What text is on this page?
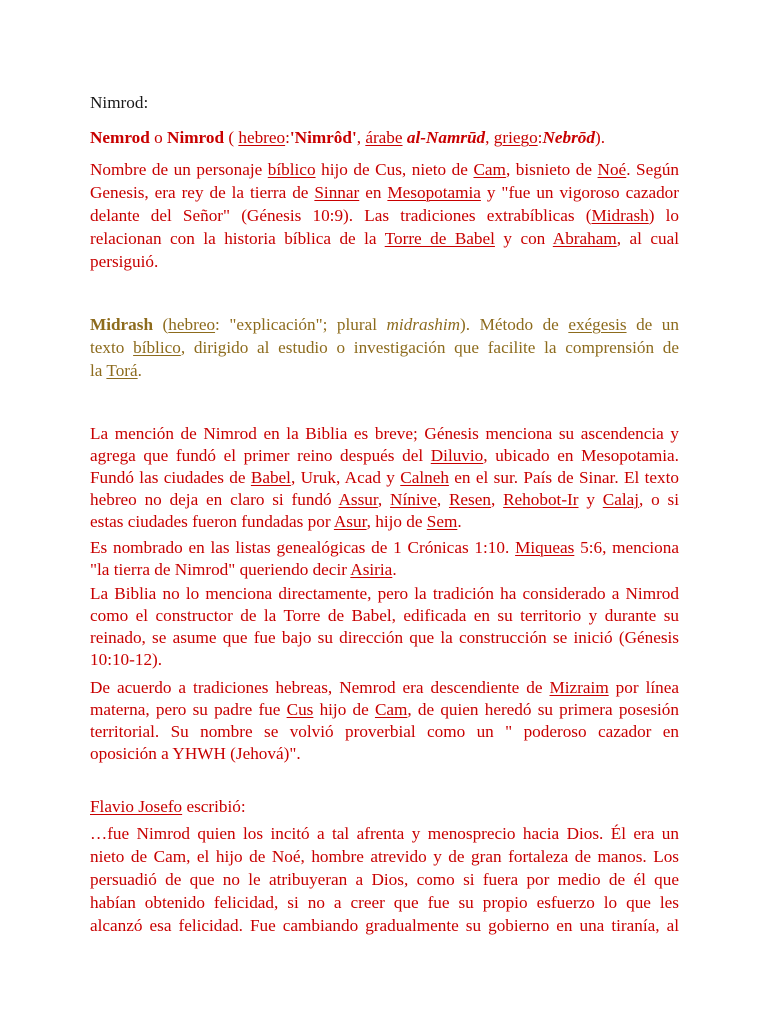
Nimrod:
Nemrod o Nimrod ( hebreo:'Nimrôd', árabe al-Namrūd, griego:Nebrōd).
Nombre de un personaje bíblico hijo de Cus, nieto de Cam, bisnieto de Noé. Según
Genesis, era rey de la tierra de Sinnar en Mesopotamia y "fue un vigoroso cazador
delante del Señor" (Génesis 10:9). Las tradiciones extrabíblicas (Midrash) lo
relacionan con la historia bíblica de la Torre de Babel y con Abraham, al cual
persiguió.
Midrash (hebreo: "explicación"; plural midrashim). Método de exégesis de un
texto bíblico, dirigido al estudio o investigación que facilite la comprensión de
la Torá.
La mención de Nimrod en la Biblia es breve; Génesis menciona su ascendencia y
agrega que fundó el primer reino después del Diluvio, ubicado en Mesopotamia.
Fundó las ciudades de Babel, Uruk, Acad y Calneh en el sur. País de Sinar. El texto
hebreo no deja en claro si fundó Assur, Nínive, Resen, Rehobot-Ir y Calaj, o si
estas ciudades fueron fundadas por Asur, hijo de Sem.
Es nombrado en las listas genealógicas de 1 Crónicas 1:10. Miqueas 5:6, menciona
"la tierra de Nimrod" queriendo decir Asiria.
La Biblia no lo menciona directamente, pero la tradición ha considerado a Nimrod
como el constructor de la Torre de Babel, edificada en su territorio y durante su
reinado, se asume que fue bajo su dirección que la construcción se inició (Génesis
10:10-12).
De acuerdo a tradiciones hebreas, Nemrod era descendiente de Mizraim por línea
materna, pero su padre fue Cus hijo de Cam, de quien heredó su primera posesión
territorial. Su nombre se volvió proverbial como un " poderoso cazador en
oposición a YHWH (Jehová)".
Flavio Josefo escribió:
…fue Nimrod quien los incitó a tal afrenta y menosprecio hacia Dios. Él era un
nieto de Cam, el hijo de Noé, hombre atrevido y de gran fortaleza de manos. Los
persuadió de que no le atribuyeran a Dios, como si fuera por medio de él que
habían obtenido felicidad, si no a creer que fue su propio esfuerzo lo que les
alcanzó esa felicidad. Fue cambiando gradualmente su gobierno en una tiranía, al
